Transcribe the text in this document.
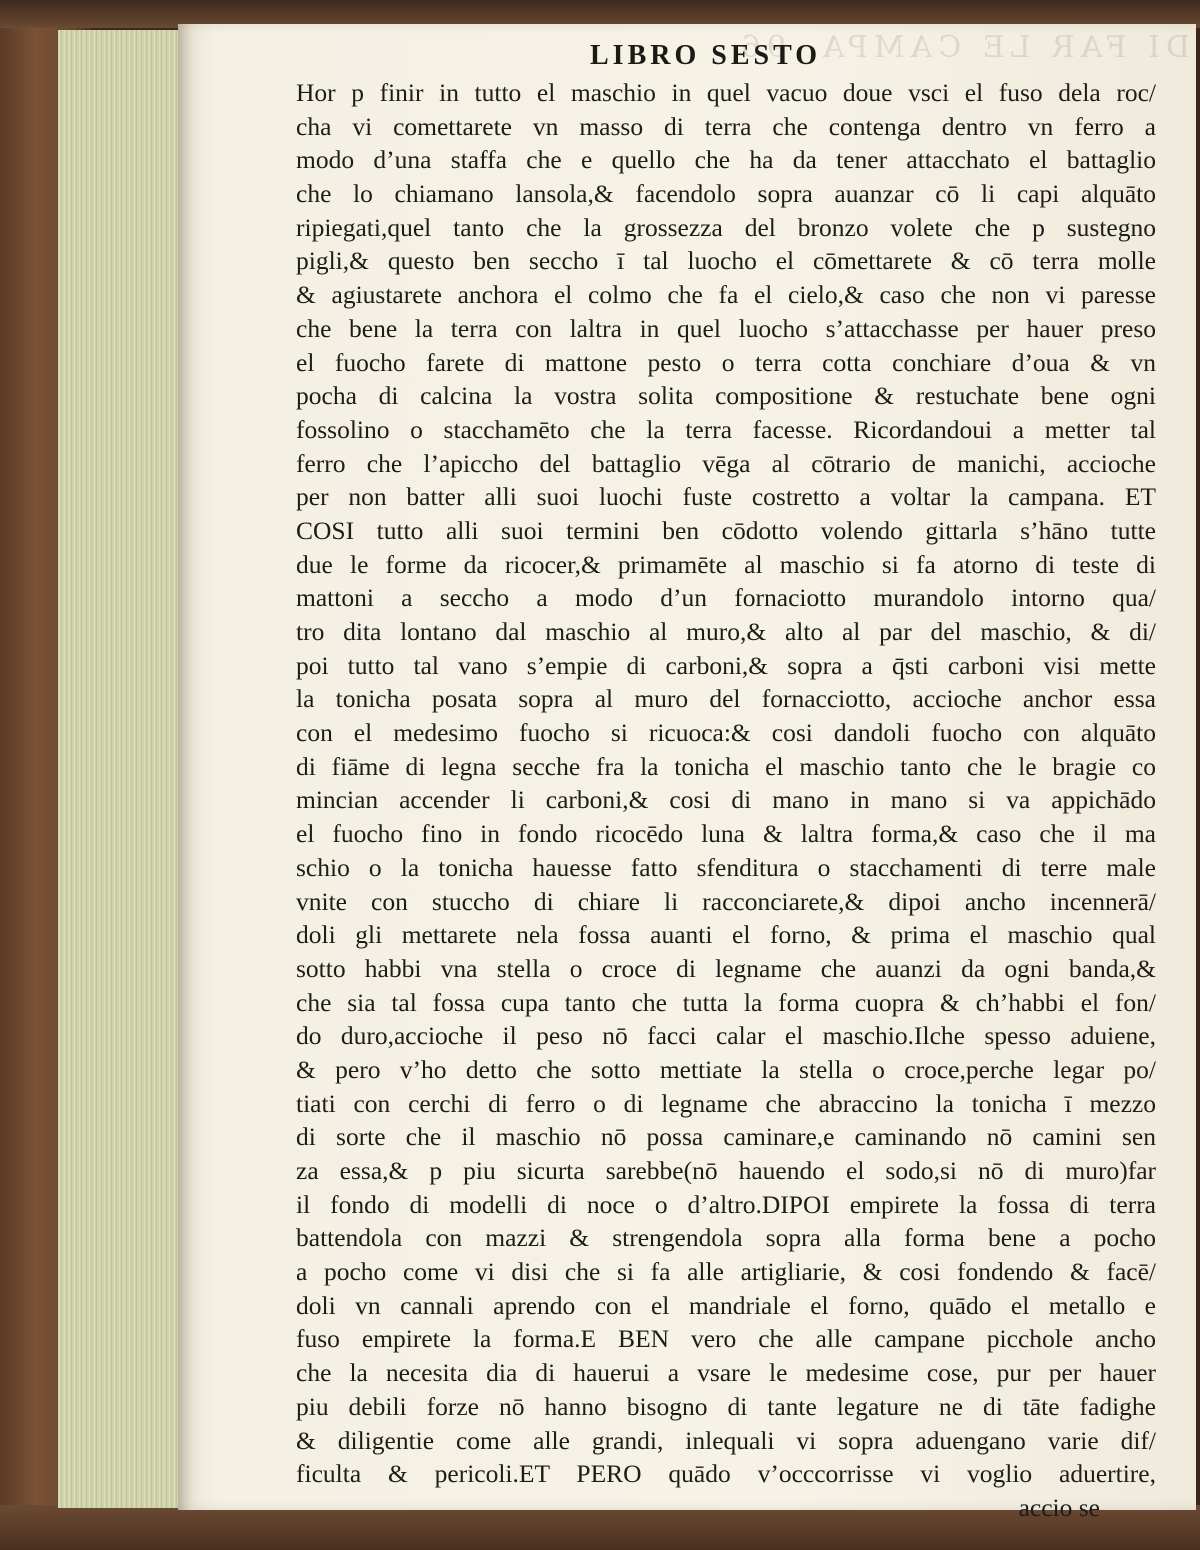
DI FAR LE CAMPA. 96
LIBRO SESTO
Hor p finir in tutto el maschio in quel vacuo doue vsci el fuso dela roc/
cha vi comettarete vn masso di terra che contenga dentro vn ferro a
modo d’una staffa che e quello che ha da tener attacchato el battaglio
che lo chiamano lansola,& facendolo sopra auanzar cō li capi alquāto
ripiegati,quel tanto che la grossezza del bronzo volete che p sustegno
pigli,& questo ben secchο ī tal luocho el cōmettarete & cō terra molle
& agiustarete anchora el colmo che fa el cielo,& caso che non vi paresse
che bene la terra con laltra in quel luocho s’attacchasse per hauer preso
el fuocho farete di mattone pesto o terra cotta conchiare d’oua & vn
pocha di calcina la vostra solita compositione & restuchate bene ogni
fossolino o stacchamēto che la terra facesse. Ricordandoui a metter tal
ferro che l’apiccho del battaglio vēga al cōtrario de manichi, accioche
per non batter alli suoi luochi fuste costretto a voltar la campana. ET
COSI tutto alli suoi termini ben cōdotto volendo gittarla s’hāno tutte
due le forme da ricocer,& primamēte al maschio si fa atorno di teste di
mattoni a secchο a modo d’un fornaciotto murandolo intorno qua/
tro dita lontano dal maschio al muro,& alto al par del maschio, & di/
poi tutto tal vano s’empie di carboni,& sopra a q̄sti carboni visi mette
la tonicha posata sopra al muro del fornacciotto, accioche anchor essa
con el medesimo fuocho si ricuoca:& cosi dandoli fuocho con alquāto
di fiāme di legna secche fra la tonicha el maschio tanto che le bragie co
mincian accender li carboni,& cosi di mano in mano si va appichādo
el fuocho fino in fondo ricocēdo luna & laltra forma,& caso che il ma
schio o la tonicha hauesse fatto sfenditura o stacchamenti di terre male
vnite con stucchο di chiare li racconciarete,& dipoi ancho incennerā/
doli gli mettarete nela fossa auanti el forno, & prima el maschio qual
sotto habbi vna stella o croce di legname che auanzi da ogni banda,&
che sia tal fossa cupa tanto che tutta la forma cuopra & ch’habbi el fon/
do duro,accioche il peso nō facci calar el maschio.Ilche spesso aduiene,
& pero v’ho detto che sotto mettiate la stella o croce,perche legar po/
tiati con cerchi di ferro o di legname che abraccino la tonicha ī mezzo
di sorte che il maschio nō possa caminare,e caminando nō camini sen
za essa,& p piu sicurta sarebbe(nō hauendo el sodo,si nō di muro)far
il fondo di modelli di noce o d’altro.DIPOI empirete la fossa di terra
battendola con mazzi & strengendola sopra alla forma bene a pocho
a pocho come vi disi che si fa alle artigliarie, & cosi fondendo & facē/
doli vn cannali aprendo con el mandriale el forno, quādo el metallo e
fuso empirete la forma.E BEN vero che alle campane picchole ancho
che la necesita dia di hauerui a vsare le medesime cose, pur per hauer
piu debili forze nō hanno bisogno di tante legature ne di tāte fadighe
& diligentie come alle grandi, inlequali vi sopra aduengano varie dif/
ficulta & pericoli.ET PERO quādo v’occcorrisse vi voglio aduertire,
accio se
